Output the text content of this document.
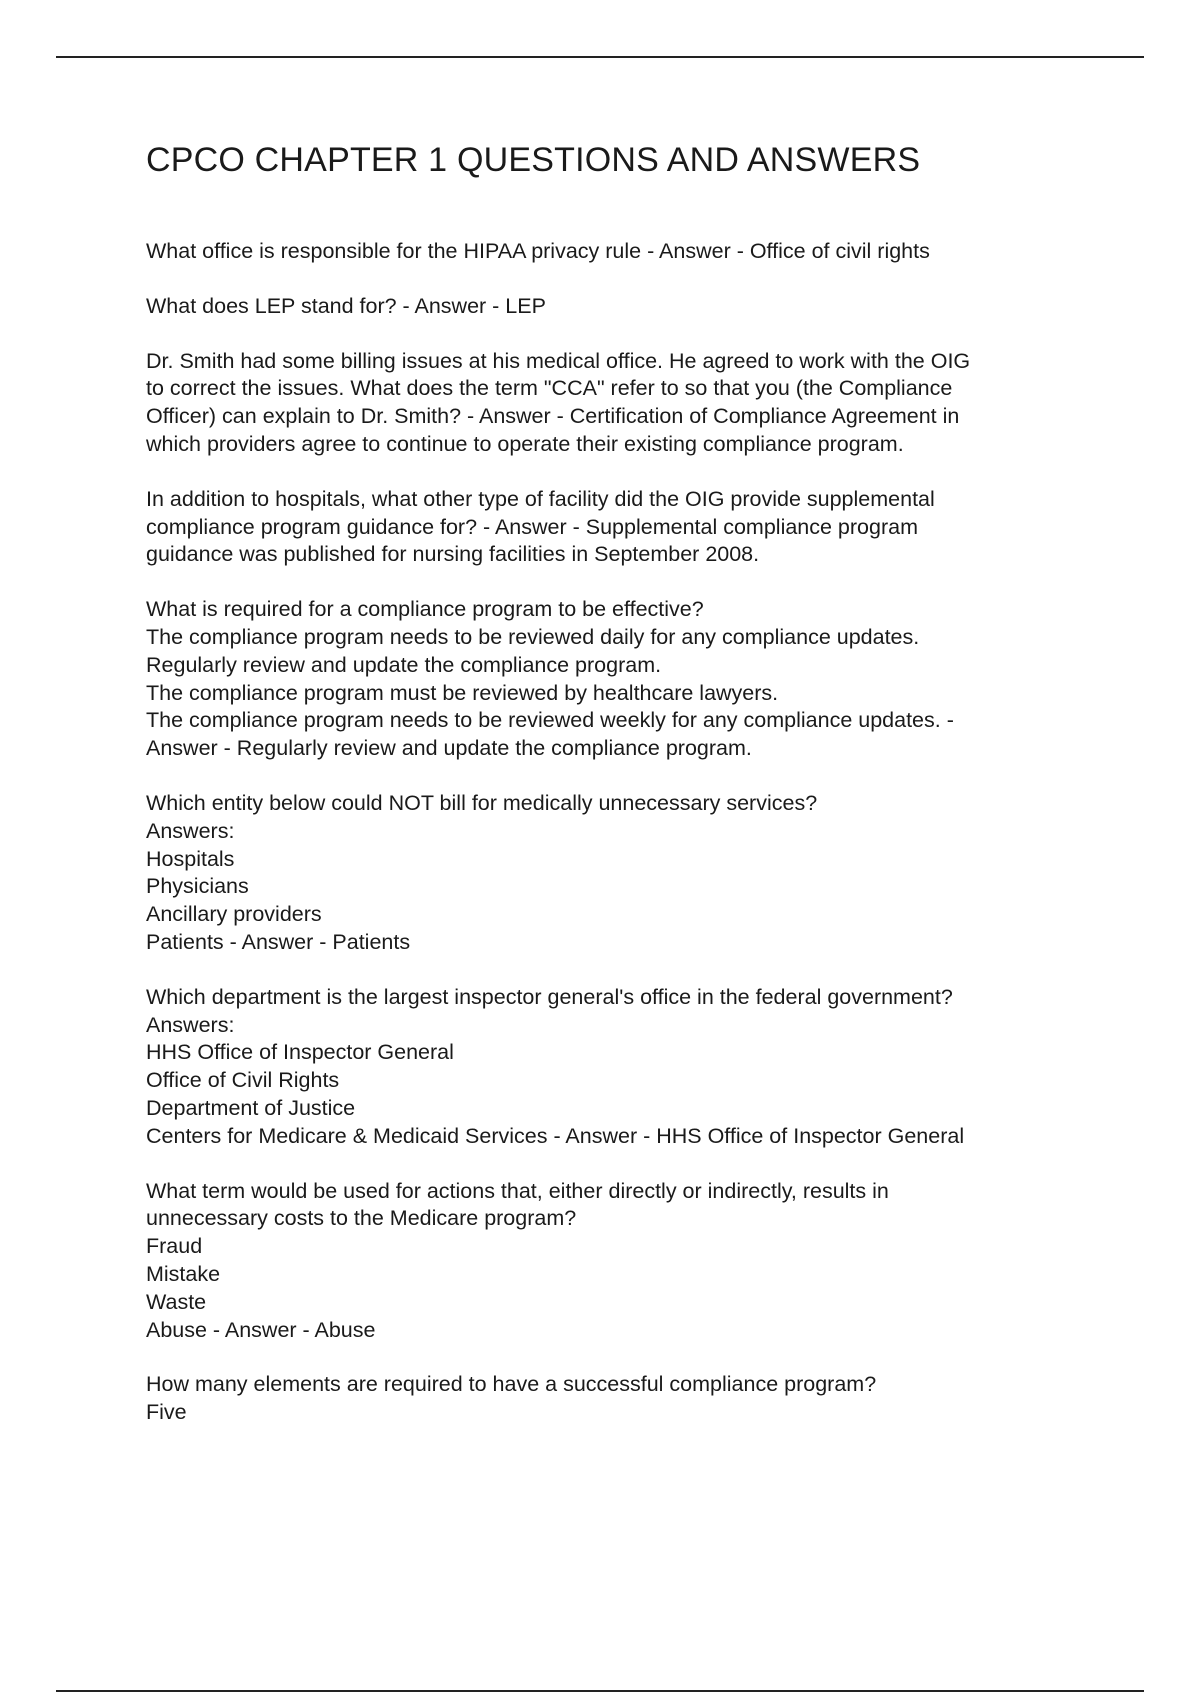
CPCO CHAPTER 1 QUESTIONS AND ANSWERS
What office is responsible for the HIPAA privacy rule - Answer - Office of civil rights
What does LEP stand for? - Answer - LEP
Dr. Smith had some billing issues at his medical office. He agreed to work with the OIG
to correct the issues. What does the term "CCA" refer to so that you (the Compliance
Officer) can explain to Dr. Smith? - Answer - Certification of Compliance Agreement in
which providers agree to continue to operate their existing compliance program.
In addition to hospitals, what other type of facility did the OIG provide supplemental
compliance program guidance for? - Answer - Supplemental compliance program
guidance was published for nursing facilities in September 2008.
What is required for a compliance program to be effective?
The compliance program needs to be reviewed daily for any compliance updates.
Regularly review and update the compliance program.
The compliance program must be reviewed by healthcare lawyers.
The compliance program needs to be reviewed weekly for any compliance updates. -
Answer - Regularly review and update the compliance program.
Which entity below could NOT bill for medically unnecessary services?
Answers:
Hospitals
Physicians
Ancillary providers
Patients - Answer - Patients
Which department is the largest inspector general's office in the federal government?
Answers:
HHS Office of Inspector General
Office of Civil Rights
Department of Justice
Centers for Medicare & Medicaid Services - Answer - HHS Office of Inspector General
What term would be used for actions that, either directly or indirectly, results in
unnecessary costs to the Medicare program?
Fraud
Mistake
Waste
Abuse - Answer - Abuse
How many elements are required to have a successful compliance program?
Five
